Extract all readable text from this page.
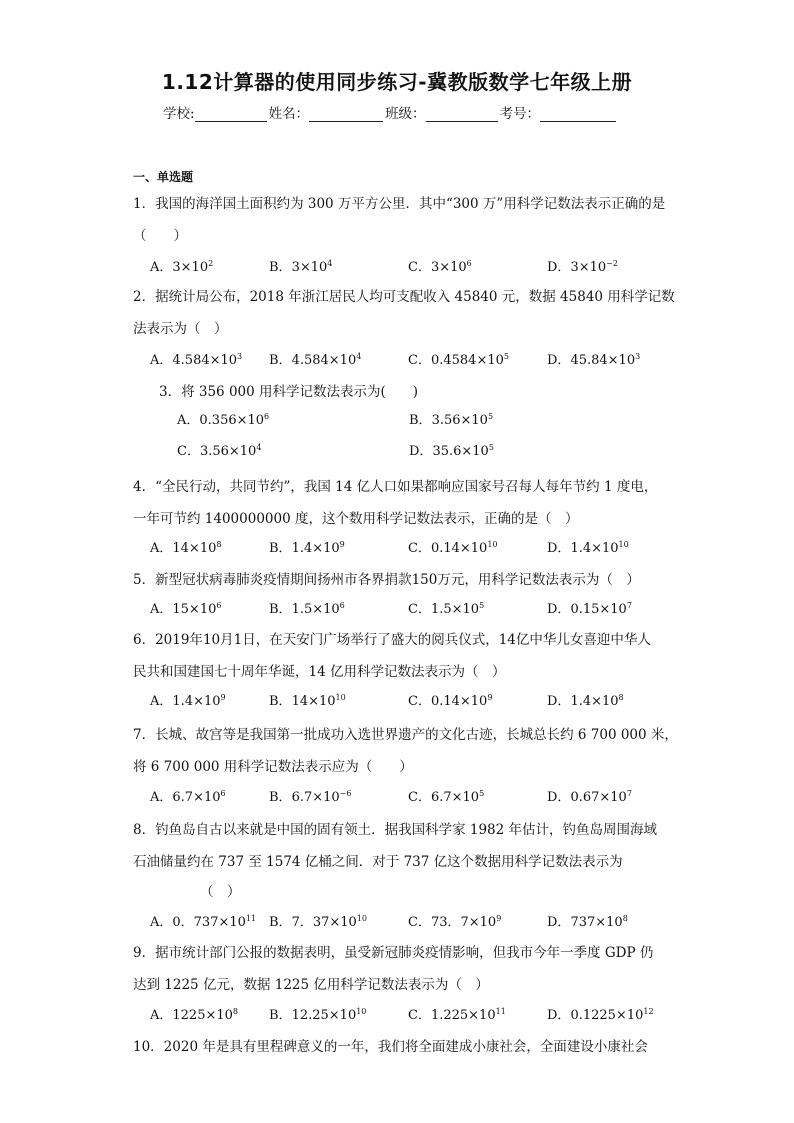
1.12计算器的使用同步练习-冀教版数学七年级上册
学校:	姓名：	班级：	考号：
一、单选题
1．我国的海洋国土面积约为 300 万平方公里．其中“300 万”用科学记数法表示正确的是
（　　）
A．$3\times 10^2$	B．$3\times 10^4$	C．$3\times 10^6$	D．$3\times 10^{-2}$
2．据统计局公布，2018 年浙江居民人均可支配收入 45840 元，数据 45840 用科学记数
法表示为（　）
A．$4.584\times 10^3$ B．$4.584\times 10^4$	C．$0.4584\times 10^5$	D．$45.84\times 10^3$
3．将 356 000 用科学记数法表示为(　　)
A．$0.356\times 10^6$	B．$3.56\times 10^5$
C．$3.56\times 10^4$	D．$35.6\times 10^5$
4．“全民行动，共同节约”，我国 14 亿人口如果都响应国家号召每人每年节约 1 度电，
一年可节约 1400000000 度，这个数用科学记数法表示，正确的是（　）
A．$14\times 10^8$	B．$1.4\times 10^9$	C．$0.14\times 10^{10}$	D．$1.4\times 10^{10}$
5．新型冠状病毒肺炎疫情期间扬州市各界捐款150万元，用科学记数法表示为（　）
A．$15\times 10^6$	B．$1.5\times 10^6$	C．$1.5\times 10^5$	D．$0.15\times 10^7$
6．2019年10月1日，在天安门广场举行了盛大的阅兵仪式，14亿中华儿女喜迎中华人
民共和国建国七十周年华诞，14 亿用科学记数法表示为（　）
A．$1.4\times 10^9$	B．$14\times 10^{10}$	C．$0.14\times 10^9$	D．$1.4\times 10^8$
7．长城、故宫等是我国第一批成功入选世界遗产的文化古迹，长城总长约 6 700 000 米，
将 6 700 000 用科学记数法表示应为（　　）
A．$6.7\times 10^6$	B．$6.7\times 10^{-6}$	C．$6.7\times 10^5$	D．$0.67\times 10^7$
8．钓鱼岛自古以来就是中国的固有领土．据我国科学家 1982 年估计，钓鱼岛周围海域
石油储量约在 737 至 1574 亿桶之间．对于 737 亿这个数据用科学记数法表示为
（　）
A．0．$737\times 10^{11}$ B．7．$37\times 10^{10}$	C．73．$7\times 10^9$	D．$737\times 10^8$
9．据市统计部门公报的数据表明，虽受新冠肺炎疫情影响，但我市今年一季度 GDP 仍
达到 1225 亿元，数据 1225 亿用科学记数法表示为（　）
A．$1225\times 10^8$ B．$12.25\times 10^{10}$	C．$1.225\times 10^{11}$	D．$0.1225\times 10^{12}$
10．2020 年是具有里程碑意义的一年，我们将全面建成小康社会，全面建设小康社会
